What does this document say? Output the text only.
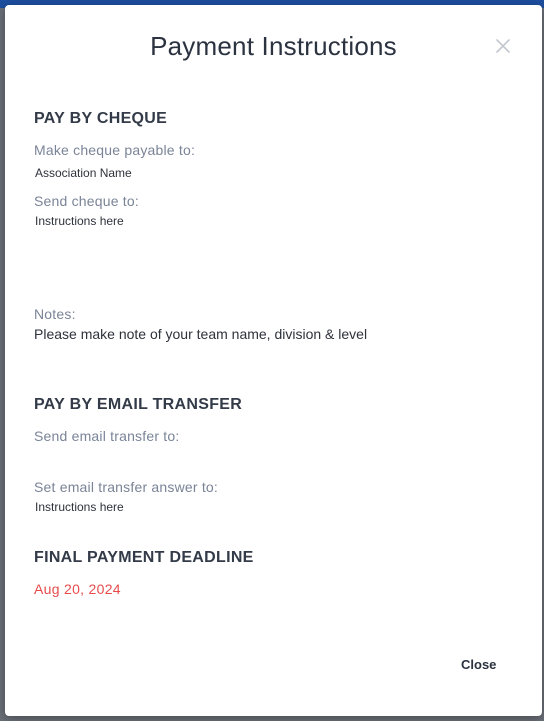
Payment Instructions
PAY BY CHEQUE
Make cheque payable to:
Association Name
Send cheque to:
Instructions here
Notes:
Please make note of your team name, division & level
PAY BY EMAIL TRANSFER
Send email transfer to:
Set email transfer answer to:
Instructions here
FINAL PAYMENT DEADLINE
Aug 20, 2024
Close
